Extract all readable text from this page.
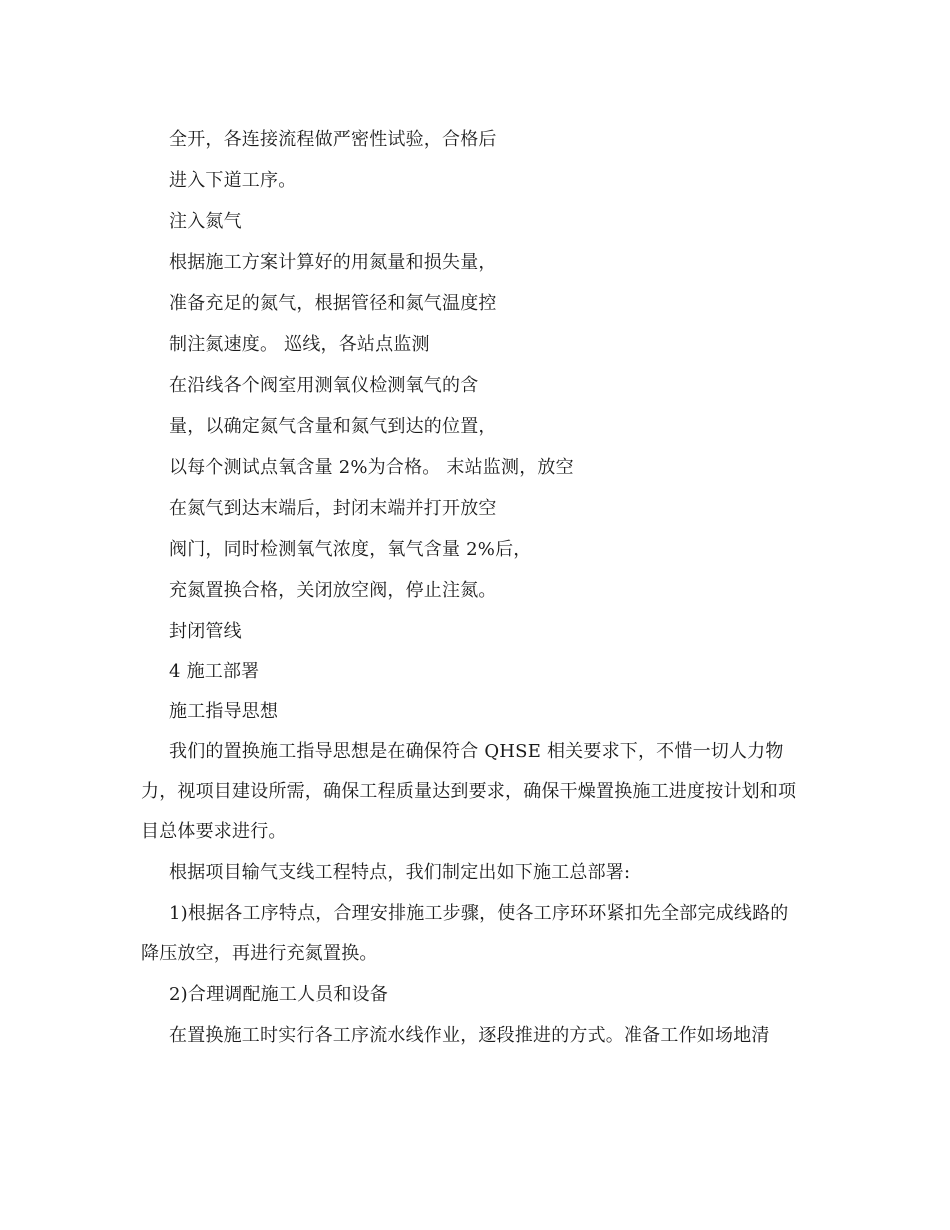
全开，各连接流程做严密性试验，合格后
进入下道工序。
注入氮气
根据施工方案计算好的用氮量和损失量，
准备充足的氮气，根据管径和氮气温度控
制注氮速度。 巡线，各站点监测
在沿线各个阀室用测氧仪检测氧气的含
量，以确定氮气含量和氮气到达的位置，
以每个测试点氧含量 2%为合格。 末站监测，放空
在氮气到达末端后，封闭末端并打开放空
阀门，同时检测氧气浓度，氧气含量 2%后，
充氮置换合格，关闭放空阀，停止注氮。
封闭管线
4 施工部署
施工指导思想
我们的置换施工指导思想是在确保符合 QHSE 相关要求下，不惜一切人力物
力，视项目建设所需，确保工程质量达到要求，确保干燥置换施工进度按计划和项
目总体要求进行。
根据项目输气支线工程特点，我们制定出如下施工总部署:
1)根据各工序特点，合理安排施工步骤，使各工序环环紧扣先全部完成线路的
降压放空，再进行充氮置换。
2)合理调配施工人员和设备
在置换施工时实行各工序流水线作业，逐段推进的方式。准备工作如场地清
